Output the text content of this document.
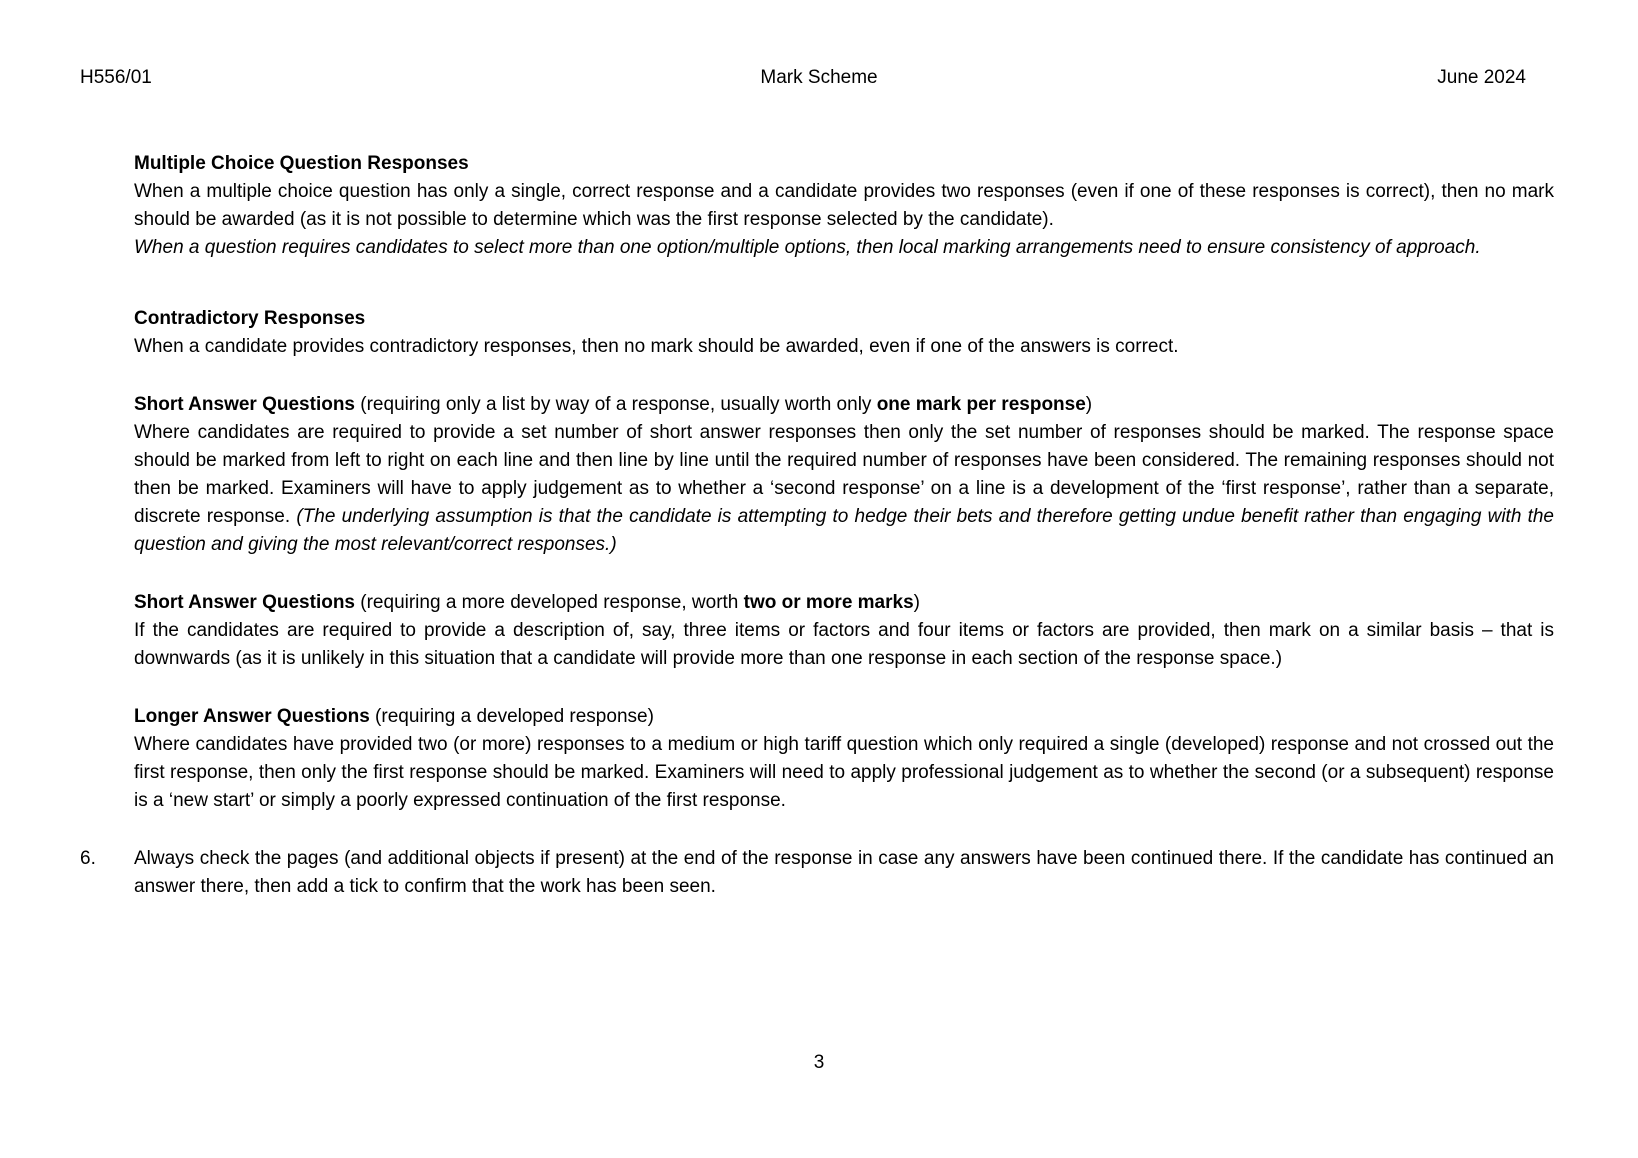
H556/01	Mark Scheme	June 2024
Multiple Choice Question Responses

When a multiple choice question has only a single, correct response and a candidate provides two responses (even if one of these responses is correct), then no mark should be awarded (as it is not possible to determine which was the first response selected by the candidate).

When a question requires candidates to select more than one option/multiple options, then local marking arrangements need to ensure consistency of approach.

Contradictory Responses

When a candidate provides contradictory responses, then no mark should be awarded, even if one of the answers is correct.

Short Answer Questions (requiring only a list by way of a response, usually worth only one mark per response)

Where candidates are required to provide a set number of short answer responses then only the set number of responses should be marked. The response space should be marked from left to right on each line and then line by line until the required number of responses have been considered. The remaining responses should not then be marked. Examiners will have to apply judgement as to whether a ‘second response’ on a line is a development of the ‘first response’, rather than a separate, discrete response. (The underlying assumption is that the candidate is attempting to hedge their bets and therefore getting undue benefit rather than engaging with the question and giving the most relevant/correct responses.)

Short Answer Questions (requiring a more developed response, worth two or more marks)

If the candidates are required to provide a description of, say, three items or factors and four items or factors are provided, then mark on a similar basis – that is downwards (as it is unlikely in this situation that a candidate will provide more than one response in each section of the response space.)

Longer Answer Questions (requiring a developed response)

Where candidates have provided two (or more) responses to a medium or high tariff question which only required a single (developed) response and not crossed out the first response, then only the first response should be marked. Examiners will need to apply professional judgement as to whether the second (or a subsequent) response is a ‘new start’ or simply a poorly expressed continuation of the first response.

6.	Always check the pages (and additional objects if present) at the end of the response in case any answers have been continued there. If the candidate has continued an answer there, then add a tick to confirm that the work has been seen.

3
